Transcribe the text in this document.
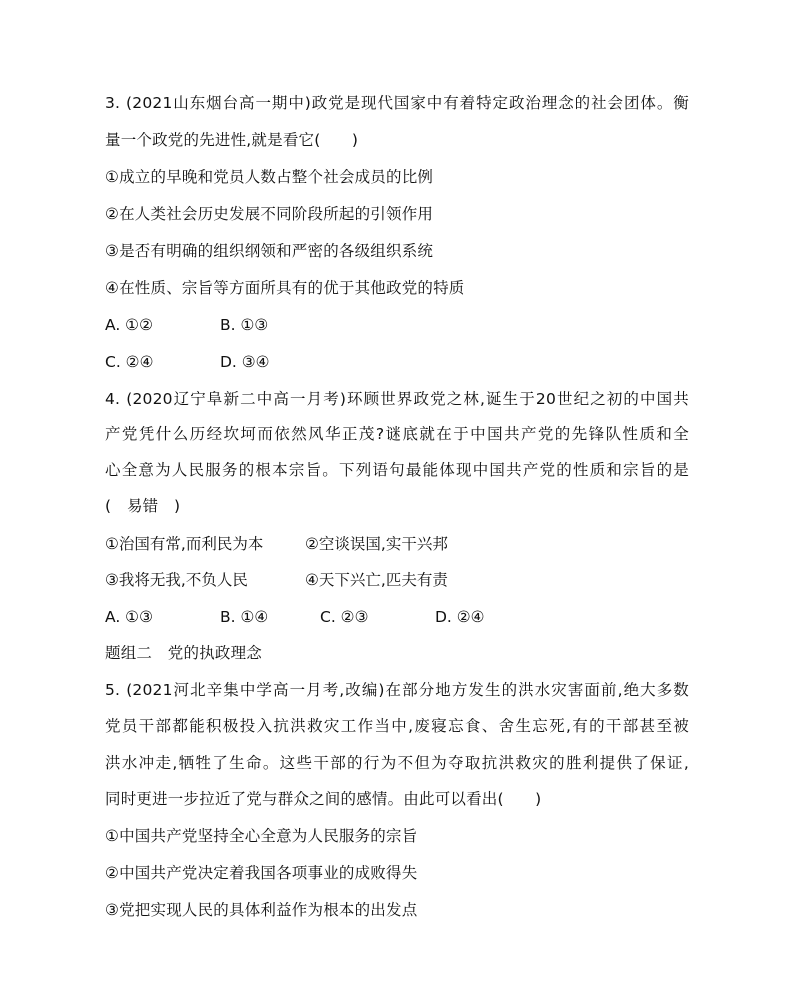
3. (2021山东烟台高一期中)政党是现代国家中有着特定政治理念的社会团体。衡
量一个政党的先进性,就是看它(　　)
①成立的早晚和党员人数占整个社会成员的比例
②在人类社会历史发展不同阶段所起的引领作用
③是否有明确的组织纲领和严密的各级组织系统
④在性质、宗旨等方面所具有的优于其他政党的特质
A. ①②	B. ①③
C. ②④	D. ③④
4. (2020辽宁阜新二中高一月考)环顾世界政党之林,诞生于20世纪之初的中国共
产党凭什么历经坎坷而依然风华正茂?谜底就在于中国共产党的先锋队性质和全
心全意为人民服务的根本宗旨。下列语句最能体现中国共产党的性质和宗旨的是
(　易错　)
①治国有常,而利民为本	②空谈误国,实干兴邦
③我将无我,不负人民	④天下兴亡,匹夫有责
A. ①③	B. ①④	C. ②③	D. ②④
题组二　党的执政理念
5. (2021河北辛集中学高一月考,改编)在部分地方发生的洪水灾害面前,绝大多数
党员干部都能积极投入抗洪救灾工作当中,废寝忘食、舍生忘死,有的干部甚至被
洪水冲走,牺牲了生命。这些干部的行为不但为夺取抗洪救灾的胜利提供了保证,
同时更进一步拉近了党与群众之间的感情。由此可以看出(　　)
①中国共产党坚持全心全意为人民服务的宗旨
②中国共产党决定着我国各项事业的成败得失
③党把实现人民的具体利益作为根本的出发点
